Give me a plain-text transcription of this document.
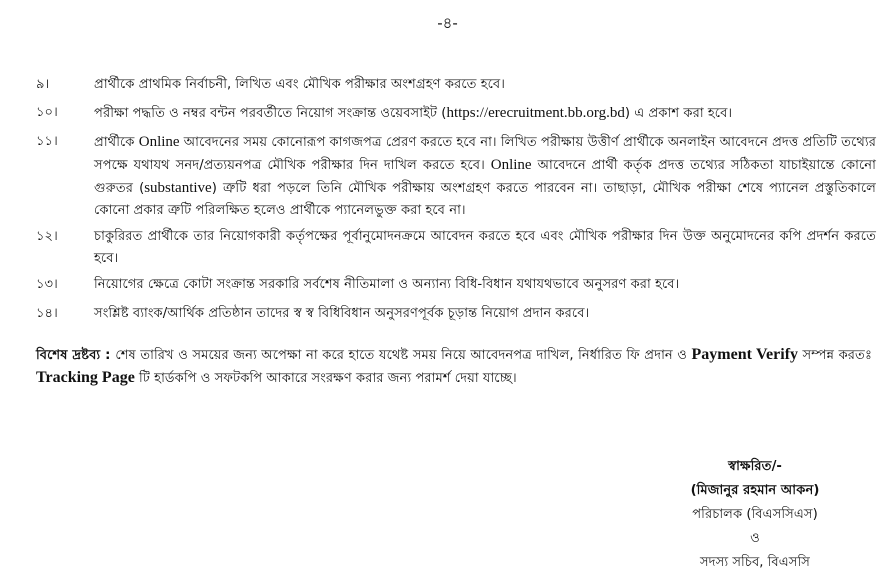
-৪-
৯।	প্রার্থীকে প্রাথমিক নির্বাচনী, লিখিত এবং মৌখিক পরীক্ষার অংশগ্রহণ করতে হবে।
১০।	পরীক্ষা পদ্ধতি ও নম্বর বন্টন পরবর্তীতে নিয়োগ সংক্রান্ত ওয়েবসাইট (https://erecruitment.bb.org.bd) এ প্রকাশ করা হবে।
১১।	প্রার্থীকে Online আবেদনের সময় কোনোরূপ কাগজপত্র প্রেরণ করতে হবে না। লিখিত পরীক্ষায় উত্তীর্ণ প্রার্থীকে অনলাইন আবেদনে প্রদত্ত প্রতিটি তথ্যের সপক্ষে যথাযথ সনদ/প্রত্যয়নপত্র মৌখিক পরীক্ষার দিন দাখিল করতে হবে। Online আবেদনে প্রার্থী কর্তৃক প্রদত্ত তথ্যের সঠিকতা যাচাইয়ান্তে কোনো গুরুতর (substantive) ত্রুটি ধরা পড়লে তিনি মৌখিক পরীক্ষায় অংশগ্রহণ করতে পারবেন না। তাছাড়া, মৌখিক পরীক্ষা শেষে প্যানেল প্রস্তুতিকালে কোনো প্রকার ত্রুটি পরিলক্ষিত হলেও প্রার্থীকে প্যানেলভুক্ত করা হবে না।
১২।	চাকুরিরত প্রার্থীকে তার নিয়োগকারী কর্তৃপক্ষের পূর্বানুমোদনক্রমে আবেদন করতে হবে এবং মৌখিক পরীক্ষার দিন উক্ত অনুমোদনের কপি প্রদর্শন করতে হবে।
১৩।	নিয়োগের ক্ষেত্রে কোটা সংক্রান্ত সরকারি সর্বশেষ নীতিমালা ও অন্যান্য বিধি-বিধান যথাযথভাবে অনুসরণ করা হবে।
১৪।	সংশ্লিষ্ট ব্যাংক/আর্থিক প্রতিষ্ঠান তাদের স্ব স্ব বিধিবিধান অনুসরণপূর্বক চূড়ান্ত নিয়োগ প্রদান করবে।
বিশেষ দ্রষ্টব্য : শেষ তারিখ ও সময়ের জন্য অপেক্ষা না করে হাতে যথেষ্ট সময় নিয়ে আবেদনপত্র দাখিল, নির্ধারিত ফি প্রদান ও Payment Verify সম্পন্ন করতঃ Tracking Page টি হার্ডকপি ও সফটকপি আকারে সংরক্ষণ করার জন্য পরামর্শ দেয়া যাচ্ছে।
স্বাক্ষরিত/-
(মিজানুর রহমান আকন)
পরিচালক (বিএসসিএস)
ও
সদস্য সচিব, বিএসসি
